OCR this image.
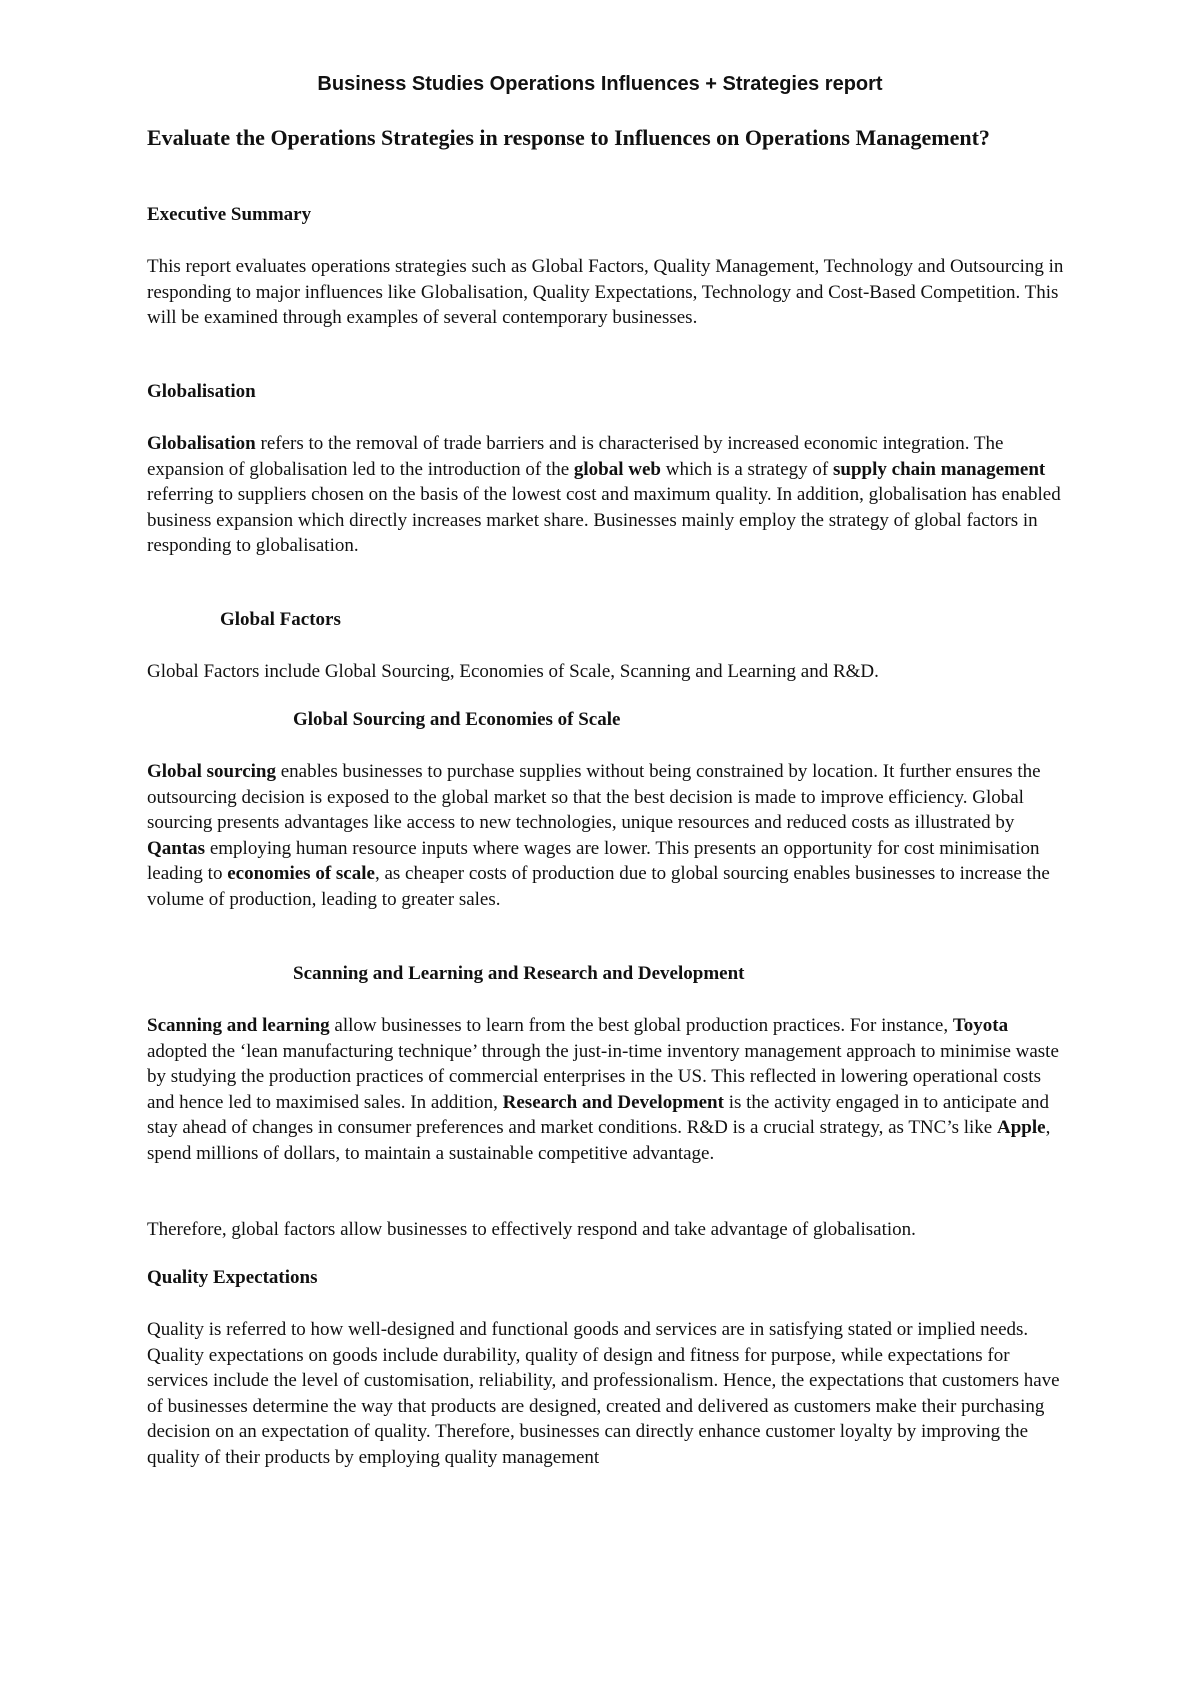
Business Studies Operations Influences + Strategies report
Evaluate the Operations Strategies in response to Influences on Operations Management?
Executive Summary

This report evaluates operations strategies such as Global Factors, Quality Management, Technology and Outsourcing in responding to major influences like Globalisation, Quality Expectations, Technology and Cost-Based Competition. This will be examined through examples of several contemporary businesses.

Globalisation

Globalisation refers to the removal of trade barriers and is characterised by increased economic integration. The expansion of globalisation led to the introduction of the global web which is a strategy of supply chain management referring to suppliers chosen on the basis of the lowest cost and maximum quality. In addition, globalisation has enabled business expansion which directly increases market share. Businesses mainly employ the strategy of global factors in responding to globalisation.

Global Factors

Global Factors include Global Sourcing, Economies of Scale, Scanning and Learning and R&D.

Global Sourcing and Economies of Scale

Global sourcing enables businesses to purchase supplies without being constrained by location. It further ensures the outsourcing decision is exposed to the global market so that the best decision is made to improve efficiency. Global sourcing presents advantages like access to new technologies, unique resources and reduced costs as illustrated by Qantas employing human resource inputs where wages are lower. This presents an opportunity for cost minimisation leading to economies of scale, as cheaper costs of production due to global sourcing enables businesses to increase the volume of production, leading to greater sales.

Scanning and Learning and Research and Development

Scanning and learning allow businesses to learn from the best global production practices. For instance, Toyota adopted the ‘lean manufacturing technique’ through the just-in-time inventory management approach to minimise waste by studying the production practices of commercial enterprises in the US. This reflected in lowering operational costs and hence led to maximised sales. In addition, Research and Development is the activity engaged in to anticipate and stay ahead of changes in consumer preferences and market conditions. R&D is a crucial strategy, as TNC’s like Apple, spend millions of dollars, to maintain a sustainable competitive advantage.

Therefore, global factors allow businesses to effectively respond and take advantage of globalisation.

Quality Expectations

Quality is referred to how well-designed and functional goods and services are in satisfying stated or implied needs. Quality expectations on goods include durability, quality of design and fitness for purpose, while expectations for services include the level of customisation, reliability, and professionalism. Hence, the expectations that customers have of businesses determine the way that products are designed, created and delivered as customers make their purchasing decision on an expectation of quality. Therefore, businesses can directly enhance customer loyalty by improving the quality of their products by employing quality management
